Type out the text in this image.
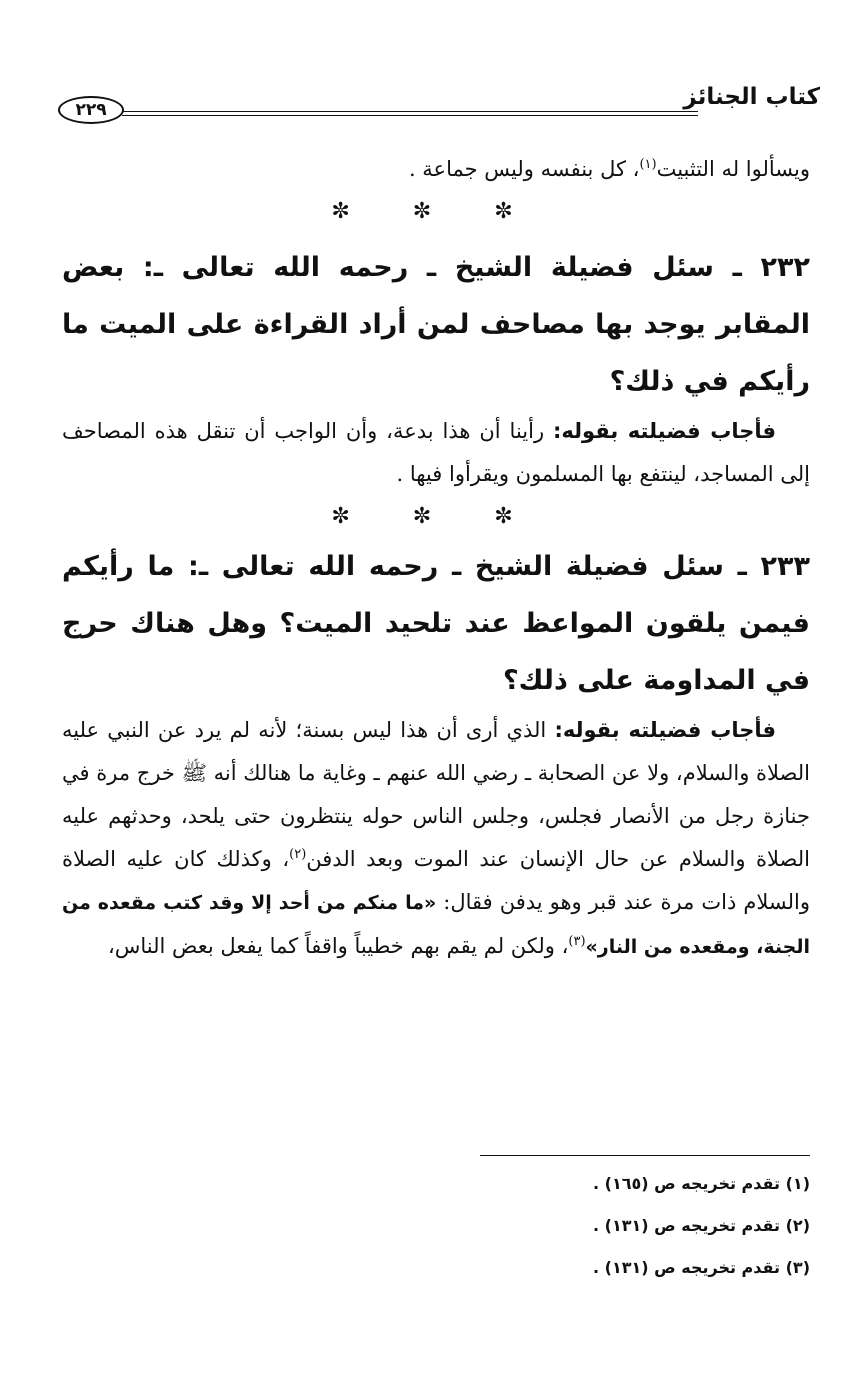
كتاب الجنائز
٢٢٩

ويسألوا له التثبيت$^{(١)}$، كل بنفسه وليس جماعة .

✼ ✼ ✼

٢٣٢ ـ سئل فضيلة الشيخ ـ رحمه الله تعالى ـ: بعض المقابر يوجد بها مصاحف لمن أراد القراءة على الميت ما رأيكم في ذلك؟

فأجاب فضيلته بقوله: رأينا أن هذا بدعة، وأن الواجب أن تنقل هذه المصاحف إلى المساجد، لينتفع بها المسلمون ويقرأوا فيها .

✼ ✼ ✼

٢٣٣ ـ سئل فضيلة الشيخ ـ رحمه الله تعالى ـ: ما رأيكم فيمن يلقون المواعظ عند تلحيد الميت؟ وهل هناك حرج في المداومة على ذلك؟

فأجاب فضيلته بقوله: الذي أرى أن هذا ليس بسنة؛ لأنه لم يرد عن النبي عليه الصلاة والسلام، ولا عن الصحابة ـ رضي الله عنهم ـ وغاية ما هنالك أنه ﷺ خرج مرة في جنازة رجل من الأنصار فجلس، وجلس الناس حوله ينتظرون حتى يلحد، وحدثهم عليه الصلاة والسلام عن حال الإنسان عند الموت وبعد الدفن$^{(٢)}$، وكذلك كان عليه الصلاة والسلام ذات مرة عند قبر وهو يدفن فقال: «ما منكم من أحد إلا وقد كتب مقعده من الجنة، ومقعده من النار»$^{(٣)}$، ولكن لم يقم بهم خطيباً واقفاً كما يفعل بعض الناس،

(١) تقدم تخريجه ص (١٦٥) .
(٢) تقدم تخريجه ص (١٣١) .
(٣) تقدم تخريجه ص (١٣١) .
